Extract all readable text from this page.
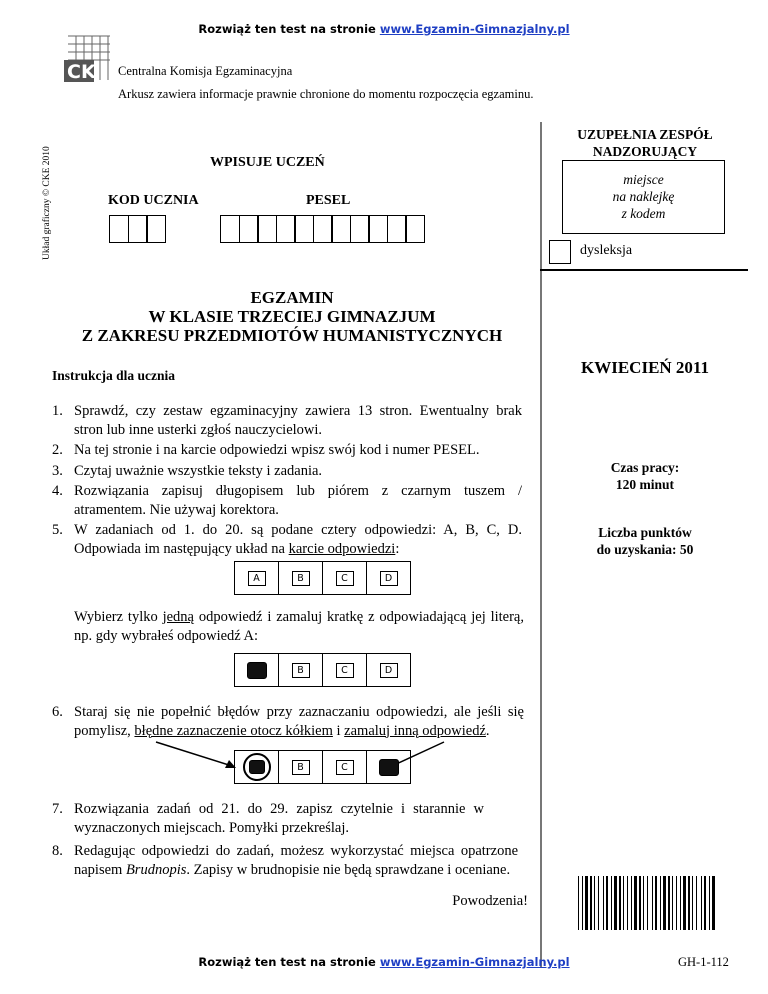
Rozwiąż ten test na stronie www.Egzamin-Gimnazjalny.pl
CK Centralna Komisja Egzaminacyjna
Arkusz zawiera informacje prawnie chronione do momentu rozpoczęcia egzaminu.
Układ graficzny © CKE 2010	WPISUJE UCZEŃ
KOD UCZNIA	PESEL
UZUPEŁNIA ZESPÓŁ
NADZORUJĄCY
miejsce
na naklejkę
z kodem
dysleksja
EGZAMIN
W KLASIE TRZECIEJ GIMNAZJUM
Z ZAKRESU PRZEDMIOTÓW HUMANISTYCZNYCH
Instrukcja dla ucznia	KWIECIEŃ 2011
Czas pracy:
120 minut
Liczba punktów
do uzyskania: 50
1. Sprawdź, czy zestaw egzaminacyjny zawiera 13 stron. Ewentualny brak stron lub inne usterki zgłoś nauczycielowi.
2. Na tej stronie i na karcie odpowiedzi wpisz swój kod i numer PESEL.
3. Czytaj uważnie wszystkie teksty i zadania.
4. Rozwiązania zapisuj długopisem lub piórem z czarnym tuszem / atramentem. Nie używaj korektora.
5. W zadaniach od 1. do 20. są podane cztery odpowiedzi: A, B, C, D. Odpowiada im następujący układ na karcie odpowiedzi:
A	B	C	D
Wybierz tylko jedną odpowiedź i zamaluj kratkę z odpowiadającą jej literą, np. gdy wybrałeś odpowiedź A:
B	C	D
6. Staraj się nie popełnić błędów przy zaznaczaniu odpowiedzi, ale jeśli się pomylisz, błędne zaznaczenie otocz kółkiem i zamaluj inną odpowiedź.
B	C
7. Rozwiązania zadań od 21. do 29. zapisz czytelnie i starannie w wyznaczonych miejscach. Pomyłki przekreślaj.
8. Redagując odpowiedzi do zadań, możesz wykorzystać miejsca opatrzone napisem Brudnopis. Zapisy w brudnopisie nie będą sprawdzane i oceniane.
Powodzenia!
GH-1-112
Rozwiąż ten test na stronie www.Egzamin-Gimnazjalny.pl
